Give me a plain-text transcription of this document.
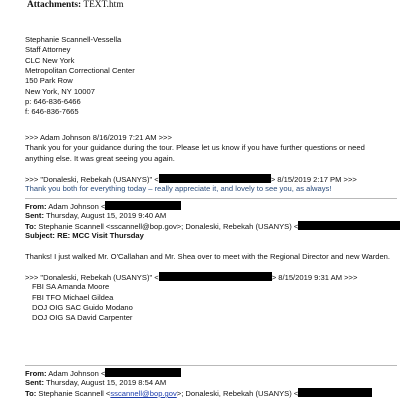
Attachments: TEXT.htm
Stephanie Scannell-Vessella
Staff Attorney
CLC New York
Metropolitan Correctional Center
150 Park Row
New York, NY 10007
p: 646-836-6466
f: 646-836-7665
>>> Adam Johnson 8/16/2019 7:21 AM >>>
Thank you for your guidance during the tour. Please let us know if you have further questions or need
anything else. It was great seeing you again.
>>> "Donaleski, Rebekah (USANYS)" <	> 8/15/2019 2:17 PM >>>
Thank you both for everything today – really appreciate it, and lovely to see you, as always!
From: Adam Johnson <
Sent: Thursday, August 15, 2019 9:40 AM
To: Stephanie Scannell <sscannell@bop.gov>; Donaleski, Rebekah (USANYS) <
Subject: RE: MCC Visit Thursday
Thanks! I just walked Mr. O'Callahan and Mr. Shea over to meet with the Regional Director and new Warden.
>>> "Donaleski, Rebekah (USANYS)" <	> 8/15/2019 9:31 AM >>>
FBI SA Amanda Moore
FBI TFO Michael Gildea
DOJ OIG SAC Guido Modano
DOJ OIG SA David Carpenter
From: Adam Johnson <
Sent: Thursday, August 15, 2019 8:54 AM
To: Stephanie Scannell <sscannell@bop.gov>; Donaleski, Rebekah (USANYS) <
